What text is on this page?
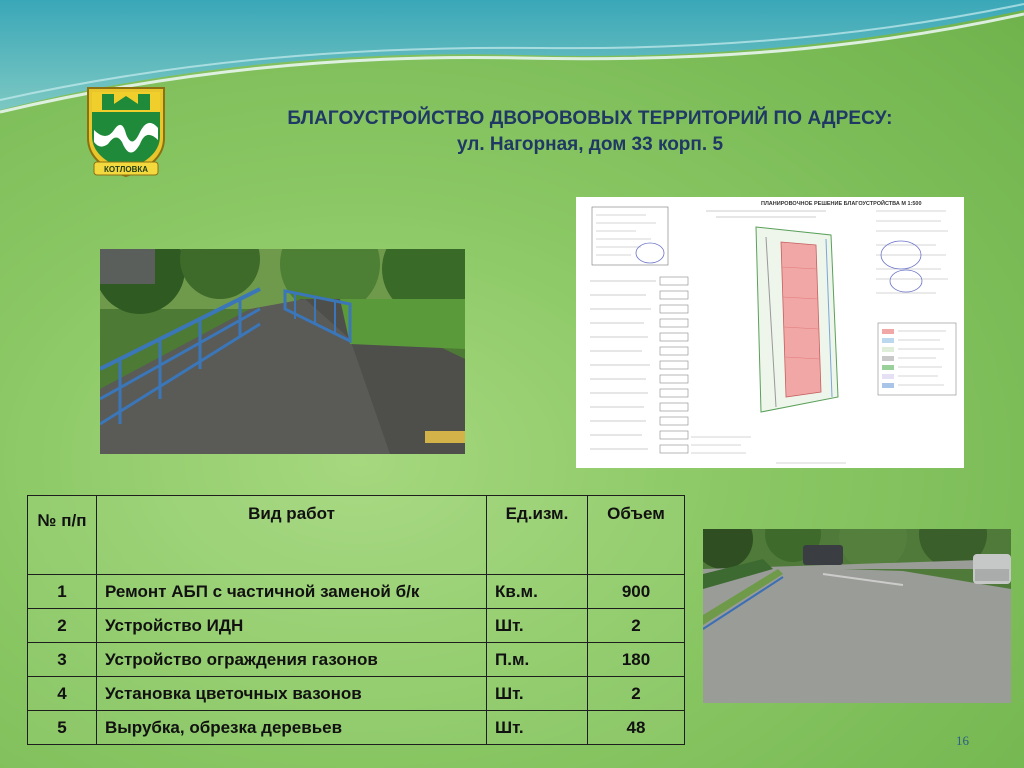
КОТЛОВКА
БЛАГОУСТРОЙСТВО ДВОРОВОВЫХ ТЕРРИТОРИЙ ПО АДРЕСУ:
ул. Нагорная, дом 33 корп. 5
ПЛАНИРОВОЧНОЕ РЕШЕНИЕ БЛАГОУСТРОЙСТВА М 1:500
№ п/п	Вид работ	Ед.изм.	Объем
1	Ремонт АБП с частичной заменой б/к	Кв.м.	900
2	Устройство ИДН	Шт.	2
3	Устройство ограждения газонов	П.м.	180
4	Установка цветочных вазонов	Шт.	2
5	Вырубка, обрезка деревьев	Шт.	48
16
